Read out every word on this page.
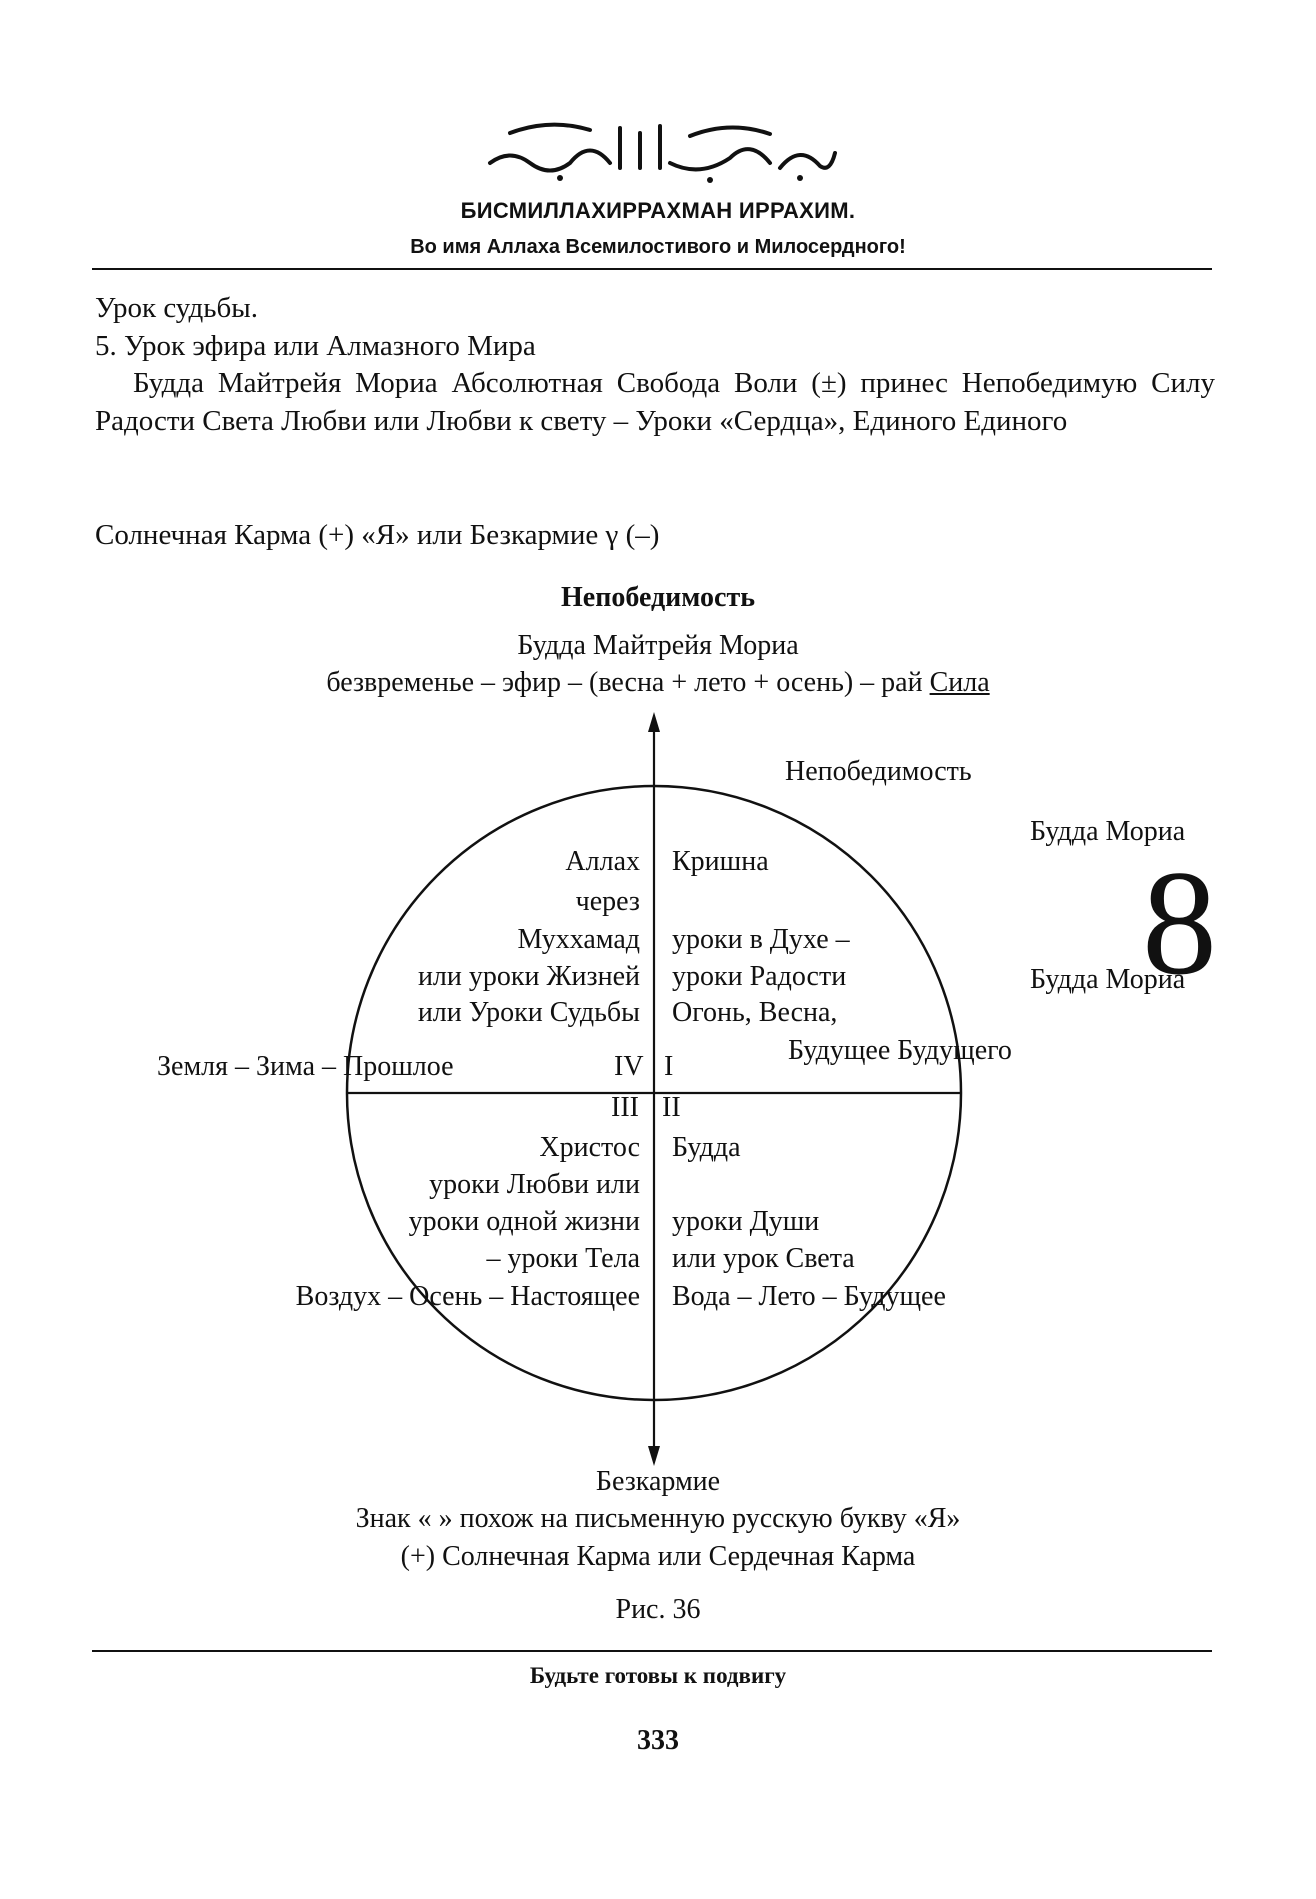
БИСМИЛЛАХИРРАХМАН ИРРАХИМ.
Во имя Аллаха Всемилостивого и Милосердного!
Урок судьбы.
5. Урок эфира или Алмазного Мира
Будда Майтрейя Мориа Абсолютная Свобода Воли (±) принес Непобедимую Силу Радости Света Любви или Любви к свету – Уроки «Сердца», Единого Единого
Солнечная Карма (+) «Я» или Безкармие γ (–)
Непобедимость
Будда Майтрейя Мориа
безвременье – эфир – (весна + лето + осень) – рай Сила
Непобедимость
Будда Мориа
8
Будда Мориа
Аллах
через
Муххамад
или уроки Жизней
или Уроки Судьбы
Кришна
уроки в Духе –
уроки Радости
Огонь, Весна,
Будущее Будущего
Земля – Зима – Прошлое	IV I
III II
Христос
уроки Любви или
уроки одной жизни
– уроки Тела
Будда
уроки Души
или урок Света
Воздух – Осень – Настоящее Вода – Лето – Будущее
Безкармие
Знак « » похож на письменную русскую букву «Я»
(+) Солнечная Карма или Сердечная Карма
Рис. 36
Будьте готовы к подвигу
333
